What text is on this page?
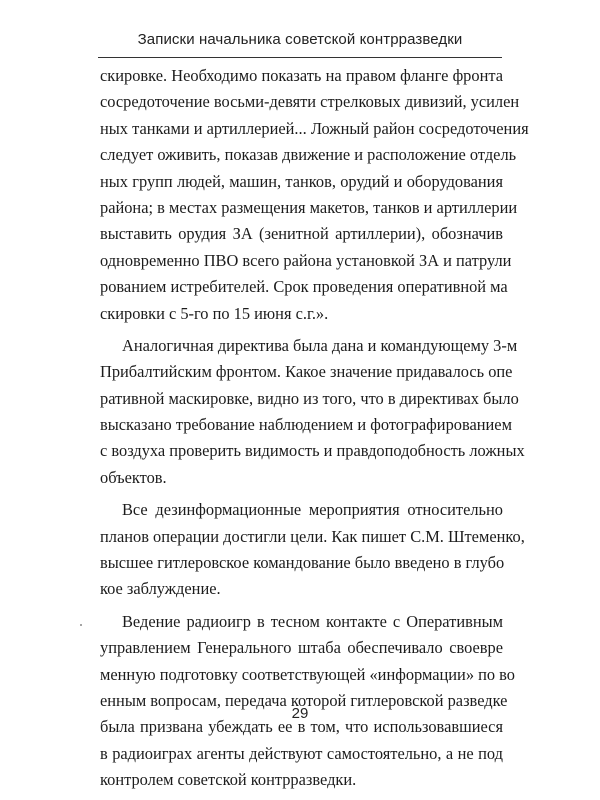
Записки начальника советской контрразведки
скировке. Необходимо показать на правом фланге фронта
сосредоточение восьми-девяти стрелковых дивизий, усилен
ных танками и артиллерией... Ложный район сосредоточения
следует оживить, показав движение и расположение отдель
ных групп людей, машин, танков, орудий и оборудования
района; в местах размещения макетов, танков и артиллерии
выставить орудия ЗА (зенитной артиллерии), обозначив
одновременно ПВО всего района установкой ЗА и патрули
рованием истребителей. Срок проведения оперативной ма
скировки с 5-го по 15 июня с.г.».
Аналогичная директива была дана и командующему 3-м
Прибалтийским фронтом. Какое значение придавалось опе
ративной маскировке, видно из того, что в директивах было
высказано требование наблюдением и фотографированием
с воздуха проверить видимость и правдоподобность ложных
объектов.
Все дезинформационные мероприятия относительно
планов операции достигли цели. Как пишет С.М. Штеменко,
высшее гитлеровское командование было введено в глубо
кое заблуждение.
Ведение радиоигр в тесном контакте с Оперативным
управлением Генерального штаба обеспечивало своевре
менную подготовку соответствующей «информации» по во
енным вопросам, передача которой гитлеровской разведке
была призвана убеждать ее в том, что использовавшиеся
в радиоиграх агенты действуют самостоятельно, а не под
контролем советской контрразведки.
29
